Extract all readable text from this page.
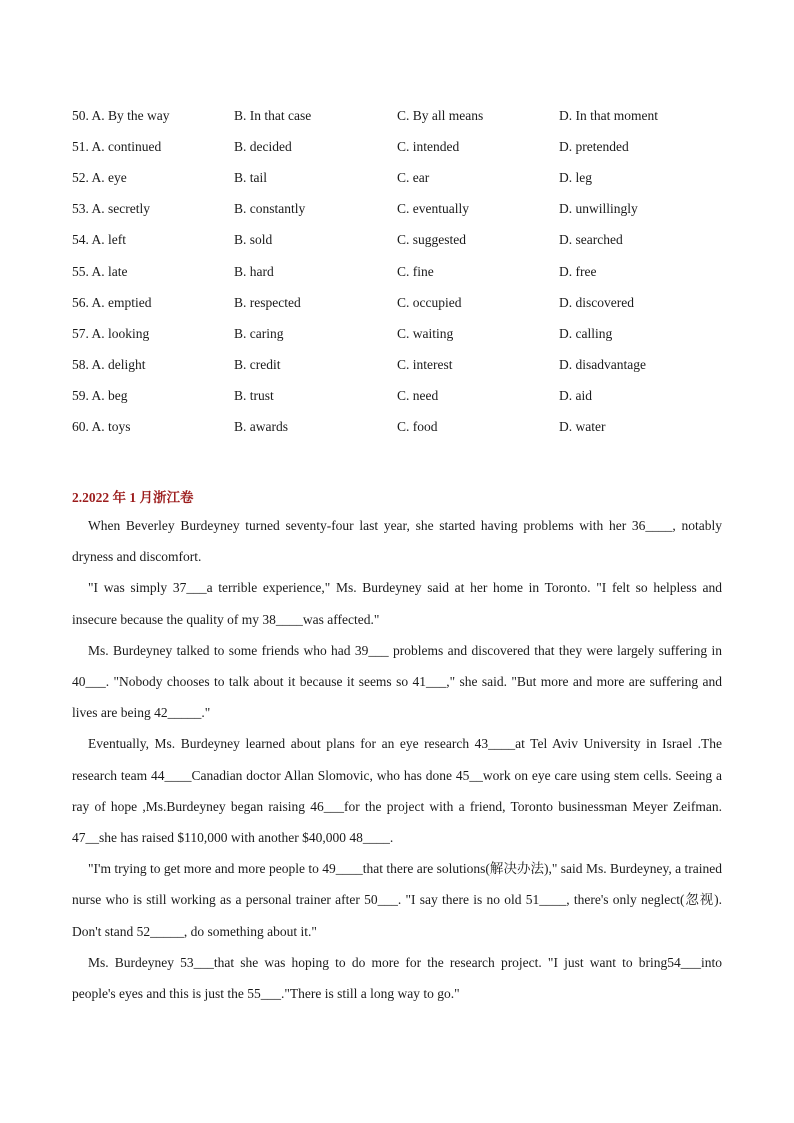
50. A. By the way	B. In that case	C. By all means	D. In that moment
51. A. continued	B. decided	C. intended	D. pretended
52. A. eye	B. tail	C. ear	D. leg
53. A. secretly	B. constantly	C. eventually	D. unwillingly
54. A. left	B. sold	C. suggested	D. searched
55. A. late	B. hard	C. fine	D. free
56. A. emptied	B. respected	C. occupied	D. discovered
57. A. looking	B. caring	C. waiting	D. calling
58. A. delight	B. credit	C. interest	D. disadvantage
59. A. beg	B. trust	C. need	D. aid
60. A. toys	B. awards	C. food	D. water
2.2022 年 1 月浙江卷

When Beverley Burdeyney turned seventy-four last year, she started having problems with her 36____, notably dryness and discomfort.

"I was simply 37___a terrible experience," Ms. Burdeyney said at her home in Toronto. "I felt so helpless and insecure because the quality of my 38____was affected."

Ms. Burdeyney talked to some friends who had 39___ problems and discovered that they were largely suffering in 40___. "Nobody chooses to talk about it because it seems so 41___," she said. "But more and more are suffering and lives are being 42_____."

Eventually, Ms. Burdeyney learned about plans for an eye research 43____at Tel Aviv University in Israel .The research team 44____Canadian doctor Allan Slomovic, who has done 45__work on eye care using stem cells. Seeing a ray of hope ,Ms.Burdeyney began raising 46___for the project with a friend, Toronto businessman Meyer Zeifman. 47__she has raised $110,000 with another $40,000 48____.

"I'm trying to get more and more people to 49____that there are solutions(解决办法)," said Ms. Burdeyney, a trained nurse who is still working as a personal trainer after 50___. "I say there is no old 51____, there's only neglect(忽视). Don't stand 52_____, do something about it."

Ms. Burdeyney 53___that she was hoping to do more for the research project. "I just want to bring54___into people's eyes and this is just the 55___."There is still a long way to go."
